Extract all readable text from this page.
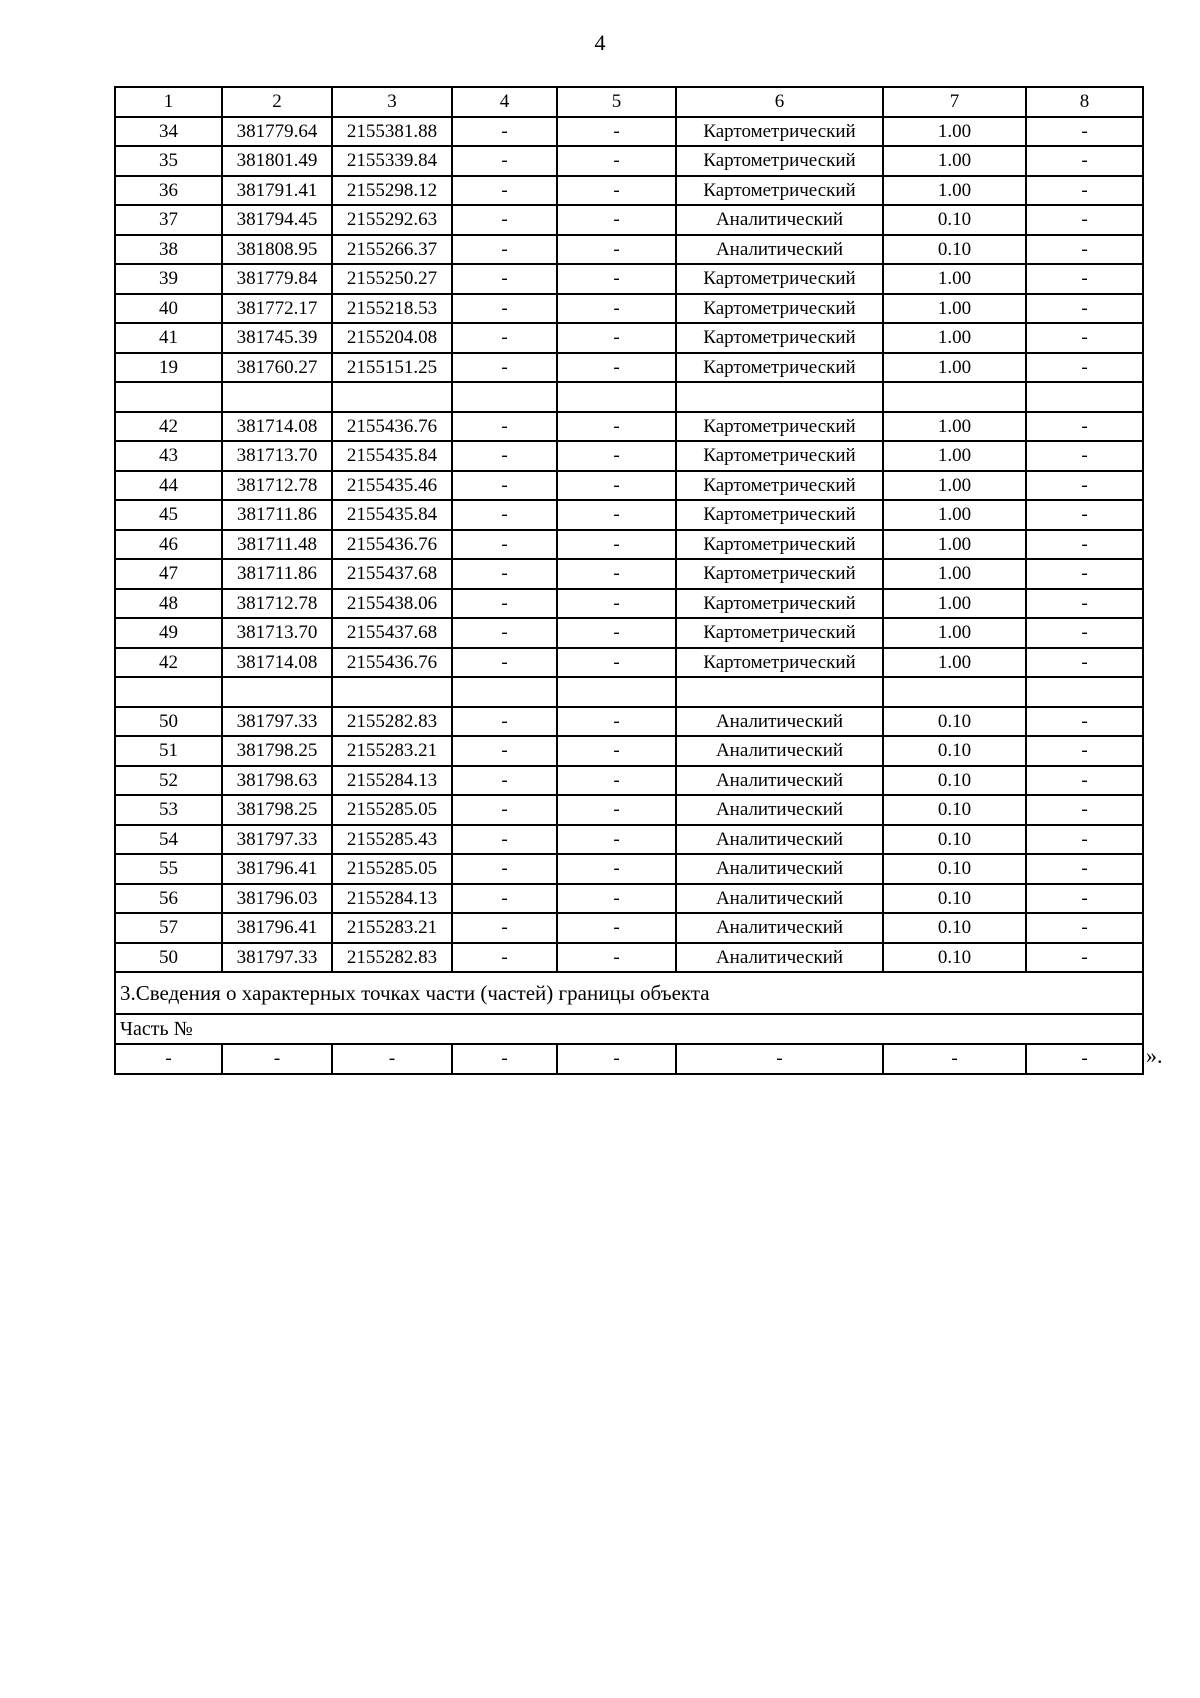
4
1	2	3	4	5	6	7	8
34	381779.64	2155381.88	-	-	Картометрический	1.00	-
35	381801.49	2155339.84	-	-	Картометрический	1.00	-
36	381791.41	2155298.12	-	-	Картометрический	1.00	-
37	381794.45	2155292.63	-	-	Аналитический	0.10	-
38	381808.95	2155266.37	-	-	Аналитический	0.10	-
39	381779.84	2155250.27	-	-	Картометрический	1.00	-
40	381772.17	2155218.53	-	-	Картометрический	1.00	-
41	381745.39	2155204.08	-	-	Картометрический	1.00	-
19	381760.27	2155151.25	-	-	Картометрический	1.00	-

42	381714.08	2155436.76	-	-	Картометрический	1.00	-
43	381713.70	2155435.84	-	-	Картометрический	1.00	-
44	381712.78	2155435.46	-	-	Картометрический	1.00	-
45	381711.86	2155435.84	-	-	Картометрический	1.00	-
46	381711.48	2155436.76	-	-	Картометрический	1.00	-
47	381711.86	2155437.68	-	-	Картометрический	1.00	-
48	381712.78	2155438.06	-	-	Картометрический	1.00	-
49	381713.70	2155437.68	-	-	Картометрический	1.00	-
42	381714.08	2155436.76	-	-	Картометрический	1.00	-

50	381797.33	2155282.83	-	-	Аналитический	0.10	-
51	381798.25	2155283.21	-	-	Аналитический	0.10	-
52	381798.63	2155284.13	-	-	Аналитический	0.10	-
53	381798.25	2155285.05	-	-	Аналитический	0.10	-
54	381797.33	2155285.43	-	-	Аналитический	0.10	-
55	381796.41	2155285.05	-	-	Аналитический	0.10	-
56	381796.03	2155284.13	-	-	Аналитический	0.10	-
57	381796.41	2155283.21	-	-	Аналитический	0.10	-
50	381797.33	2155282.83	-	-	Аналитический	0.10	-
3.Сведения о характерных точках части (частей) границы объекта							
Часть №							
-	-	-	-	-	-	-	-	».
